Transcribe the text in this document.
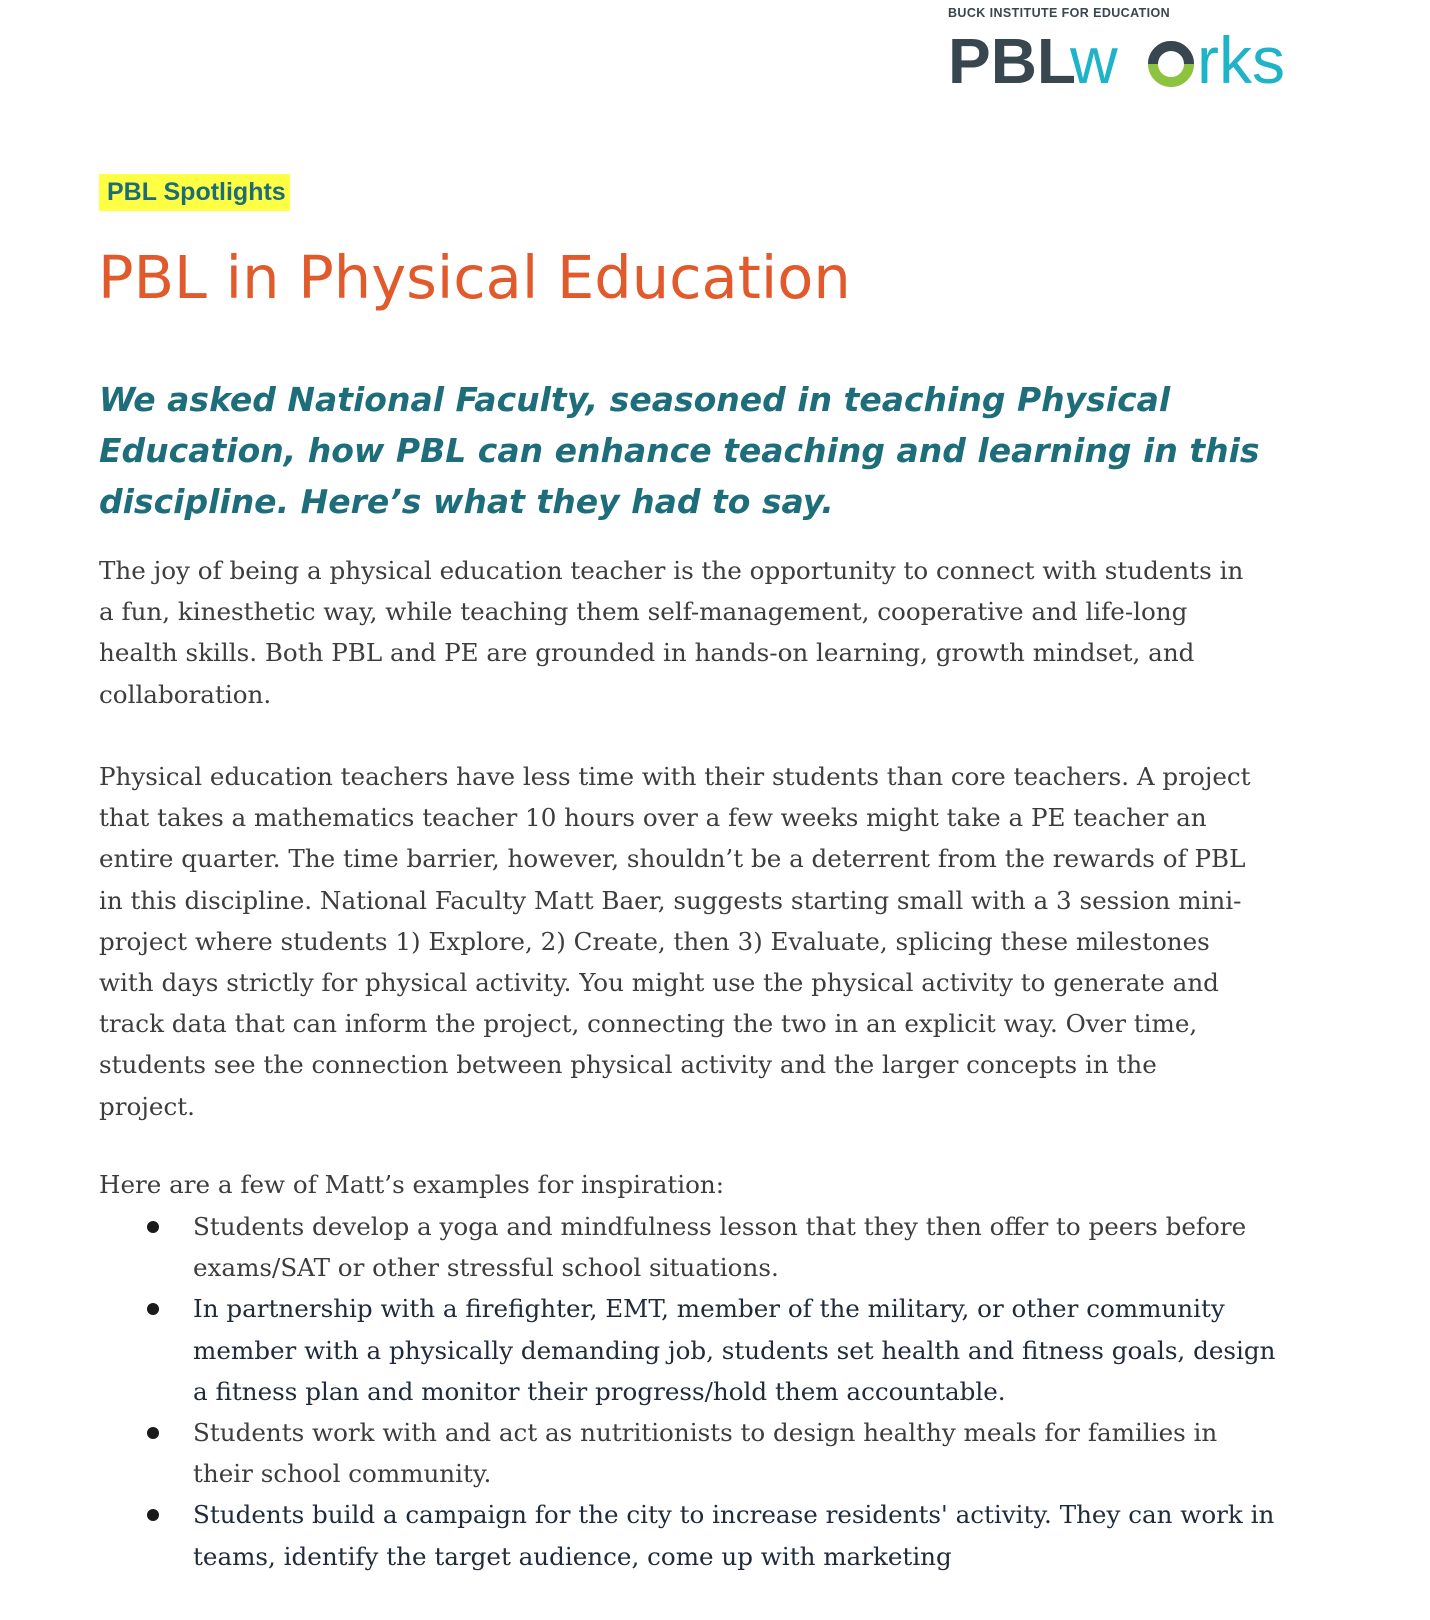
BUCK INSTITUTE FOR EDUCATION
PBL
w rks
PBL Spotlights
PBL in Physical Education
We asked National Faculty, seasoned in teaching Physical Education, how PBL can enhance teaching and learning in this discipline. Here’s what they had to say.

The joy of being a physical education teacher is the opportunity to connect with students in a fun, kinesthetic way, while teaching them self-management, cooperative and life-long health skills. Both PBL and PE are grounded in hands-on learning, growth mindset, and collaboration.

Physical education teachers have less time with their students than core teachers. A project that takes a mathematics teacher 10 hours over a few weeks might take a PE teacher an entire quarter. The time barrier, however, shouldn’t be a deterrent from the rewards of PBL in this discipline. National Faculty Matt Baer, suggests starting small with a 3 session mini-project where students 1) Explore, 2) Create, then 3) Evaluate, splicing these milestones with days strictly for physical activity. You might use the physical activity to generate and track data that can inform the project, connecting the two in an explicit way. Over time, students see the connection between physical activity and the larger concepts in the project.

Here are a few of Matt’s examples for inspiration:

Students develop a yoga and mindfulness lesson that they then offer to peers before exams/SAT or other stressful school situations.
In partnership with a firefighter, EMT, member of the military, or other community member with a physically demanding job, students set health and fitness goals, design a fitness plan and monitor their progress/hold them accountable.
Students work with and act as nutritionists to design healthy meals for families in their school community.
Students build a campaign for the city to increase residents' activity. They can work in teams, identify the target audience, come up with marketing
